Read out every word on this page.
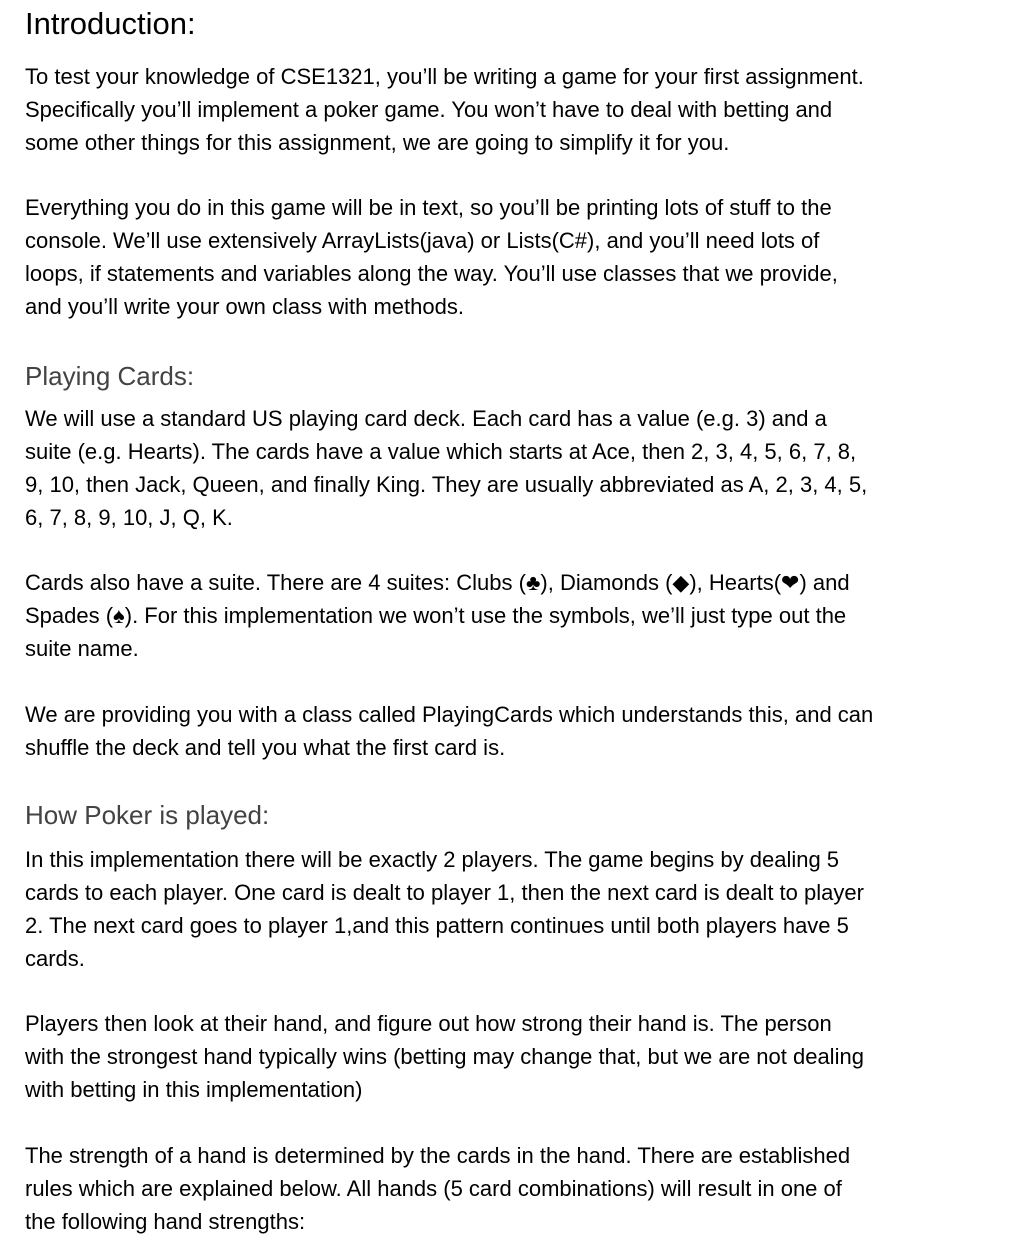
Introduction:
To test your knowledge of CSE1321, you’ll be writing a game for your first assignment.
Specifically you’ll implement a poker game. You won’t have to deal with betting and
some other things for this assignment, we are going to simplify it for you.
Everything you do in this game will be in text, so you’ll be printing lots of stuff to the
console. We’ll use extensively ArrayLists(java) or Lists(C#), and you’ll need lots of
loops, if statements and variables along the way. You’ll use classes that we provide,
and you’ll write your own class with methods.
Playing Cards:
We will use a standard US playing card deck. Each card has a value (e.g. 3) and a
suite (e.g. Hearts). The cards have a value which starts at Ace, then 2, 3, 4, 5, 6, 7, 8,
9, 10, then Jack, Queen, and finally King. They are usually abbreviated as A, 2, 3, 4, 5,
6, 7, 8, 9, 10, J, Q, K.
Cards also have a suite. There are 4 suites: Clubs (♣), Diamonds (◆), Hearts(❤) and
Spades (♠). For this implementation we won’t use the symbols, we’ll just type out the
suite name.
We are providing you with a class called PlayingCards which understands this, and can
shuffle the deck and tell you what the first card is.
How Poker is played:
In this implementation there will be exactly 2 players. The game begins by dealing 5
cards to each player. One card is dealt to player 1, then the next card is dealt to player
2. The next card goes to player 1,and this pattern continues until both players have 5
cards.
Players then look at their hand, and figure out how strong their hand is. The person
with the strongest hand typically wins (betting may change that, but we are not dealing
with betting in this implementation)
The strength of a hand is determined by the cards in the hand. There are established
rules which are explained below. All hands (5 card combinations) will result in one of
the following hand strengths:
